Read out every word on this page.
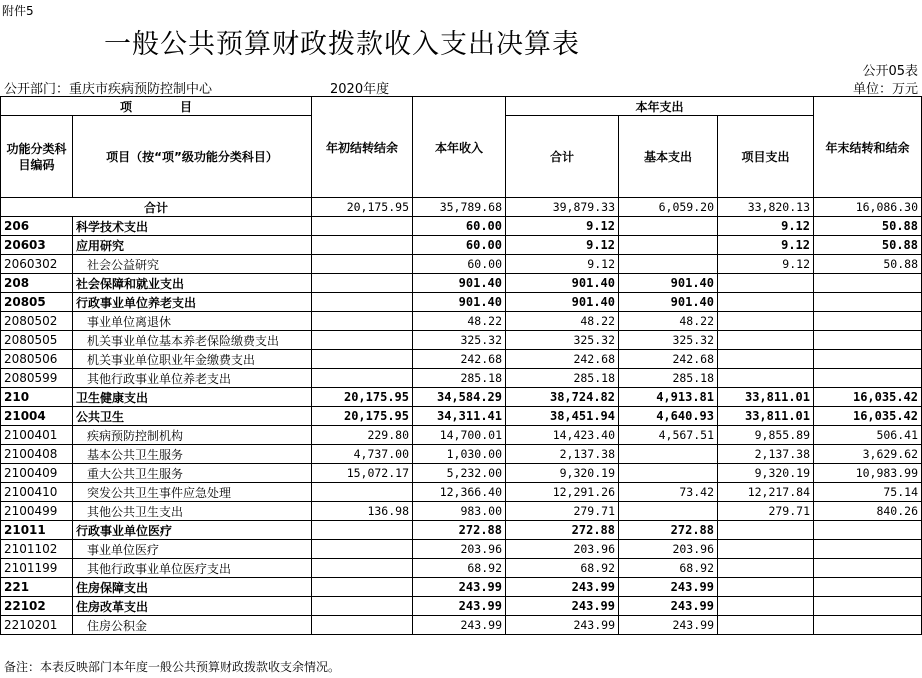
附件5
一般公共预算财政拨款收入支出决算表
公开05表
公开部门：重庆市疾病预防控制中心	2020年度	单位：万元
项　　　　目		年初结转结余	本年收入	本年支出			年末结转和结余
功能分类科目编码	项目（按“项”级功能分类科目）			合计	基本支出	项目支出	
合计		20,175.95	35,789.68	39,879.33	6,059.20	33,820.13	16,086.30
206	科学技术支出		60.00	9.12		9.12	50.88
20603	应用研究		60.00	9.12		9.12	50.88
2060302	社会公益研究		60.00	9.12		9.12	50.88
208	社会保障和就业支出		901.40	901.40	901.40		
20805	行政事业单位养老支出		901.40	901.40	901.40		
2080502	事业单位离退休		48.22	48.22	48.22		
2080505	机关事业单位基本养老保险缴费支出		325.32	325.32	325.32		
2080506	机关事业单位职业年金缴费支出		242.68	242.68	242.68		
2080599	其他行政事业单位养老支出		285.18	285.18	285.18		
210	卫生健康支出	20,175.95	34,584.29	38,724.82	4,913.81	33,811.01	16,035.42
21004	公共卫生	20,175.95	34,311.41	38,451.94	4,640.93	33,811.01	16,035.42
2100401	疾病预防控制机构	229.80	14,700.01	14,423.40	4,567.51	9,855.89	506.41
2100408	基本公共卫生服务	4,737.00	1,030.00	2,137.38		2,137.38	3,629.62
2100409	重大公共卫生服务	15,072.17	5,232.00	9,320.19		9,320.19	10,983.99
2100410	突发公共卫生事件应急处理		12,366.40	12,291.26	73.42	12,217.84	75.14
2100499	其他公共卫生支出	136.98	983.00	279.71		279.71	840.26
21011	行政事业单位医疗		272.88	272.88	272.88		
2101102	事业单位医疗		203.96	203.96	203.96		
2101199	其他行政事业单位医疗支出		68.92	68.92	68.92		
221	住房保障支出		243.99	243.99	243.99		
22102	住房改革支出		243.99	243.99	243.99		
2210201	住房公积金		243.99	243.99	243.99		
备注：本表反映部门本年度一般公共预算财政拨款收支余情况。
